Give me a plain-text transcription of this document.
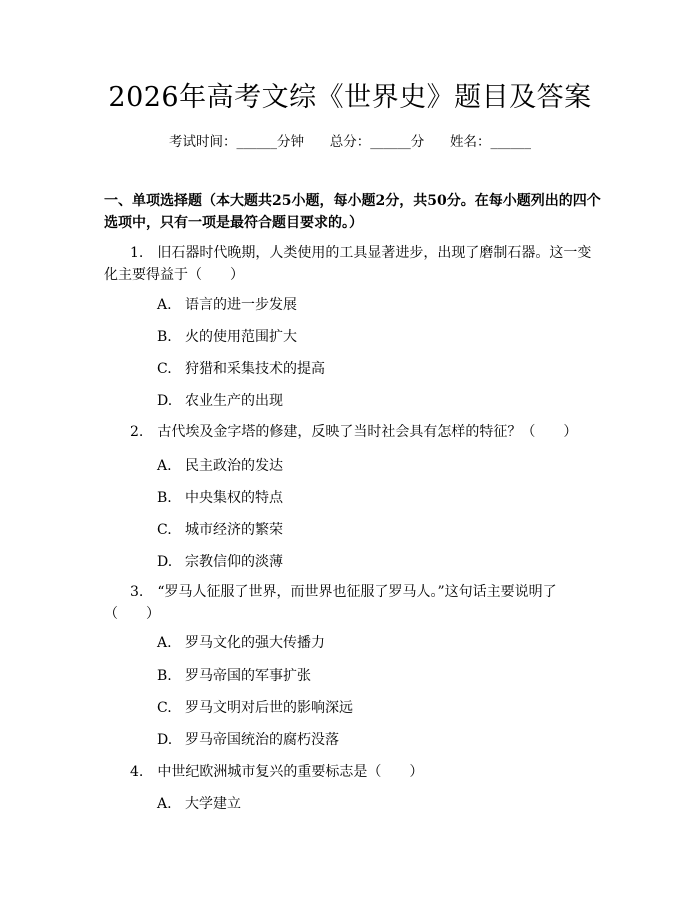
2026年高考文综《世界史》题目及答案
考试时间：______分钟      总分：______分      姓名：______
一、单项选择题（本大题共25小题，每小题2分，共50分。在每小题列出的四个选项中，只有一项是最符合题目要求的。）
1. 旧石器时代晚期，人类使用的工具显著进步，出现了磨制石器。这一变化主要得益于（　　）
A. 语言的进一步发展
B. 火的使用范围扩大
C. 狩猎和采集技术的提高
D. 农业生产的出现
2. 古代埃及金字塔的修建，反映了当时社会具有怎样的特征？（　　）
A. 民主政治的发达
B. 中央集权的特点
C. 城市经济的繁荣
D. 宗教信仰的淡薄
3. “罗马人征服了世界，而世界也征服了罗马人。”这句话主要说明了（　　）
A. 罗马文化的强大传播力
B. 罗马帝国的军事扩张
C. 罗马文明对后世的影响深远
D. 罗马帝国统治的腐朽没落
4. 中世纪欧洲城市复兴的重要标志是（　　）
A. 大学建立
